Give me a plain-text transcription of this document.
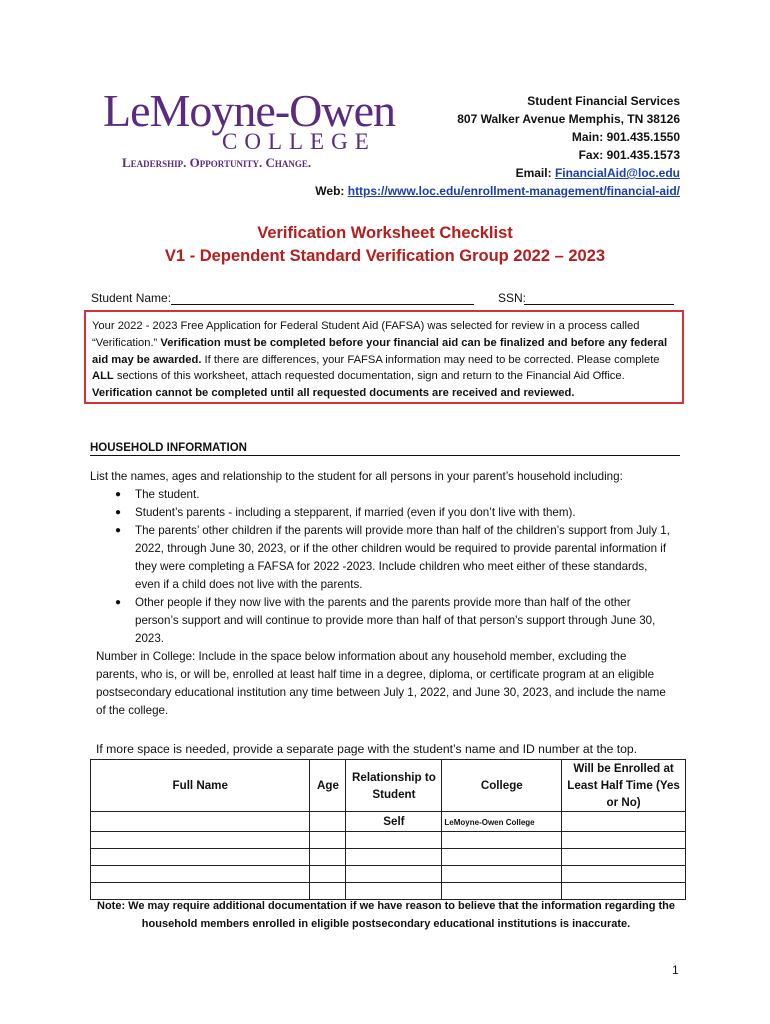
LeMoyne-Owen
COLLEGE
Leadership. Opportunity. Change.
Student Financial Services
807 Walker Avenue Memphis, TN 38126
Main: 901.435.1550
Fax: 901.435.1573
Email: FinancialAid@loc.edu
Web: https://www.loc.edu/enrollment-management/financial-aid/
Verification Worksheet Checklist
V1 - Dependent Standard Verification Group 2022 – 2023
Student Name:	SSN:
Your 2022 - 2023 Free Application for Federal Student Aid (FAFSA) was selected for review in a process called “Verification.” Verification must be completed before your financial aid can be finalized and before any federal aid may be awarded. If there are differences, your FAFSA information may need to be corrected. Please complete ALL sections of this worksheet, attach requested documentation, sign and return to the Financial Aid Office.
Verification cannot be completed until all requested documents are received and reviewed.
HOUSEHOLD INFORMATION
List the names, ages and relationship to the student for all persons in your parent’s household including:
● The student.
● Student’s parents - including a stepparent, if married (even if you don’t live with them).
● The parents’ other children if the parents will provide more than half of the children’s support from July 1, 2022, through June 30, 2023, or if the other children would be required to provide parental information if they were completing a FAFSA for 2022 -2023. Include children who meet either of these standards, even if a child does not live with the parents.
● Other people if they now live with the parents and the parents provide more than half of the other person’s support and will continue to provide more than half of that person’s support through June 30, 2023.
Number in College: Include in the space below information about any household member, excluding the parents, who is, or will be, enrolled at least half time in a degree, diploma, or certificate program at an eligible postsecondary educational institution any time between July 1, 2022, and June 30, 2023, and include the name of the college.
If more space is needed, provide a separate page with the student’s name and ID number at the top.
Full Name	Age	Relationship to Student	College	Will be Enrolled at Least Half Time (Yes or No)
		Self	LeMoyne-Owen College	

Note: We may require additional documentation if we have reason to believe that the information regarding the household members enrolled in eligible postsecondary educational institutions is inaccurate.
1
